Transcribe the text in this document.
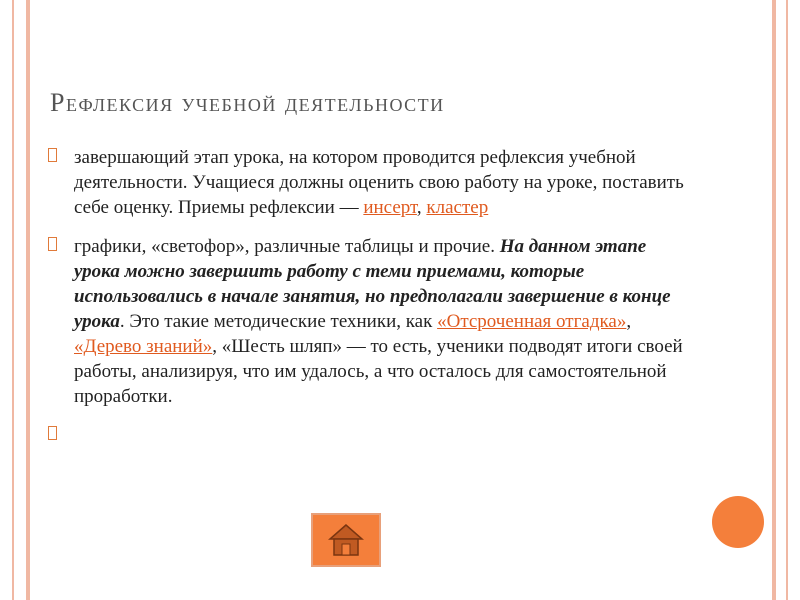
Рефлексия учебной деятельности
завершающий этап урока, на котором проводится рефлексия учебной деятельности. Учащиеся должны оценить свою работу на уроке, поставить себе оценку. Приемы рефлексии — инсерт, кластер
графики, «светофор», различные таблицы и прочие. На данном этапе урока можно завершить работу с теми приемами, которые использовались в начале занятия, но предполагали завершение в конце урока. Это такие методические техники, как «Отсроченная отгадка», «Дерево знаний», «Шесть шляп» — то есть, ученики подводят итоги своей работы, анализируя, что им удалось, а что осталось для самостоятельной проработки.
